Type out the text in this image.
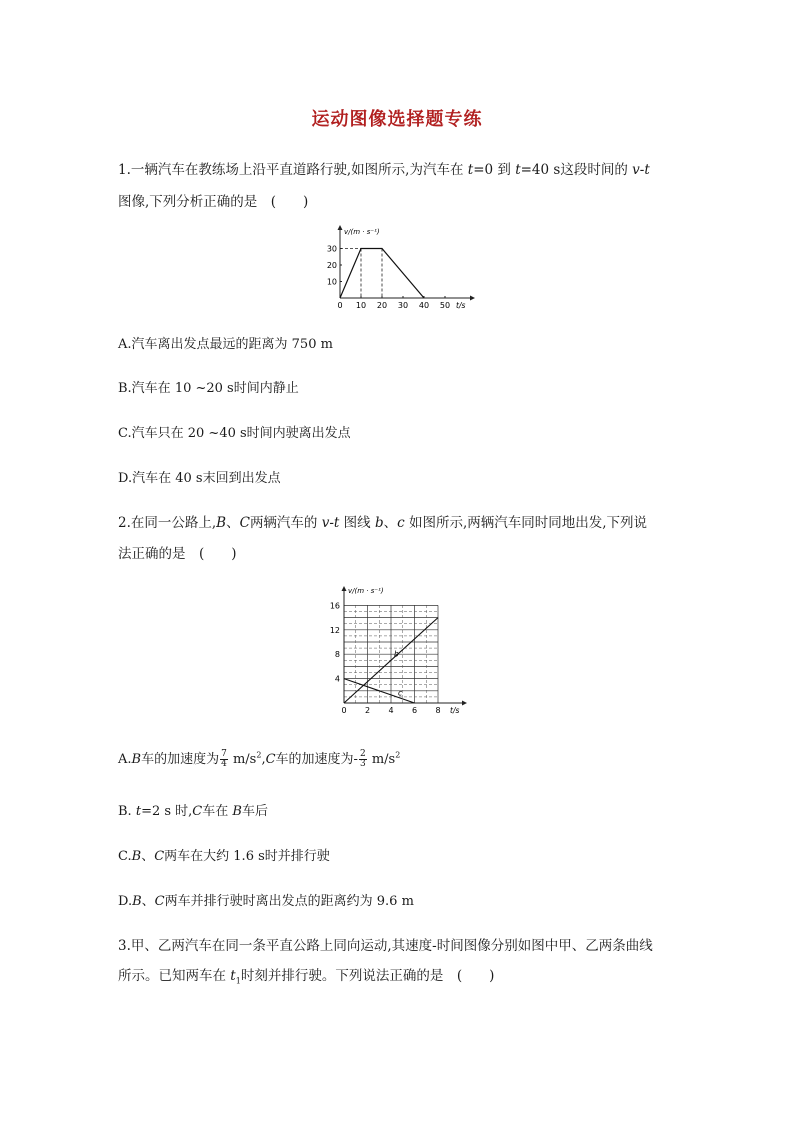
运动图像选择题专练
1.一辆汽车在教练场上沿平直道路行驶,如图所示,为汽车在 t=0 到 t=40 s这段时间的 v-t
图像,下列分析正确的是　(　　)
v/(m · s⁻¹)
t/s
0 10 20 30 40 50
10
20
30
A.汽车离出发点最远的距离为 750 m
B.汽车在 10 ~20 s时间内静止
C.汽车只在 20 ~40 s时间内驶离出发点
D.汽车在 40 s末回到出发点
2.在同一公路上,B、C两辆汽车的 v-t 图线 b、c 如图所示,两辆汽车同时同地出发,下列说
法正确的是　(　　)
v/(m · s⁻¹)
t/s
0 2 4 6 8
4
8
12
16
b
c
A.B车的加速度为 $\frac{7}{4} m/s^2,C$车的加速度为- $\frac{2}{3} m/s^2$
B. t=2 s 时,C车在 B车后
C.B、C两车在大约 1.6 s时并排行驶
D.B、C两车并排行驶时离出发点的距离约为 9.6 m
3.甲、乙两汽车在同一条平直公路上同向运动,其速度-时间图像分别如图中甲、乙两条曲线
所示。已知两车在 $t_1$时刻并排行驶。下列说法正确的是　(　　)
